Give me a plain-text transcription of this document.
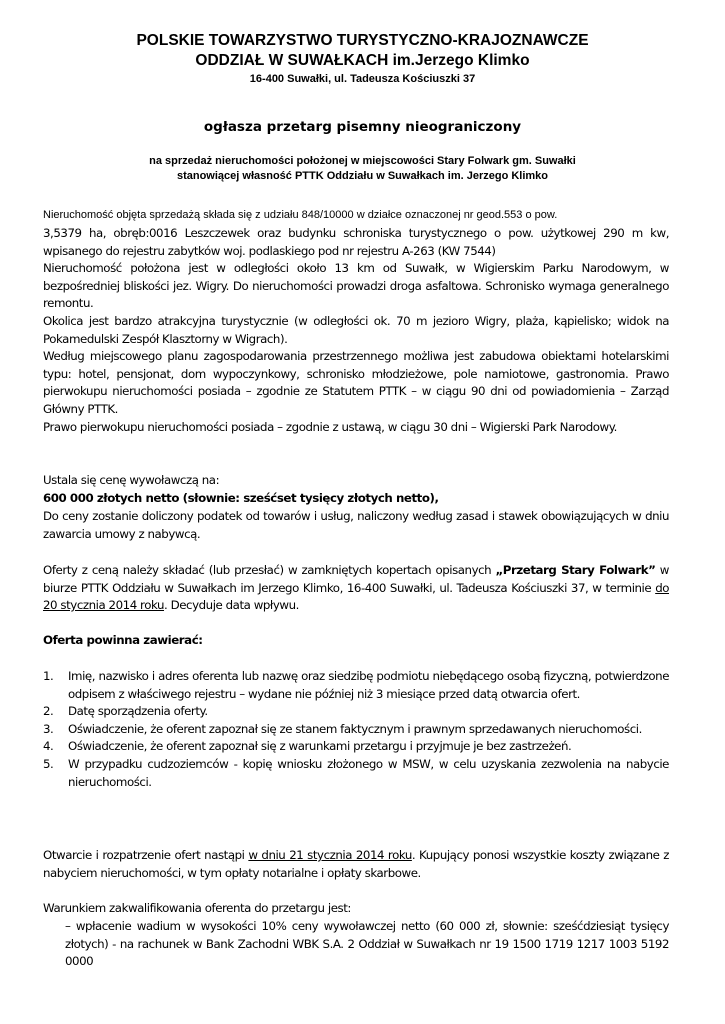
POLSKIE TOWARZYSTWO TURYSTYCZNO-KRAJOZNAWCZE
ODDZIAŁ W SUWAŁKACH im.Jerzego Klimko
16-400 Suwałki, ul. Tadeusza Kościuszki 37
ogłasza przetarg pisemny nieograniczony
na sprzedaż nieruchomości położonej w miejscowości Stary Folwark gm. Suwałki
stanowiącej własność PTTK Oddziału w Suwałkach im. Jerzego Klimko
Nieruchomość objęta sprzedażą składa się z udziału 848/10000 w działce oznaczonej nr geod.553 o pow.
3,5379 ha, obręb:0016 Leszczewek oraz budynku schroniska turystycznego o pow. użytkowej 290 m kw, wpisanego do rejestru zabytków woj. podlaskiego pod nr rejestru A-263 (KW 7544)
Nieruchomość położona jest w odległości około 13 km od Suwałk, w Wigierskim Parku Narodowym, w bezpośredniej bliskości jez. Wigry. Do nieruchomości prowadzi droga asfaltowa. Schronisko wymaga generalnego remontu.
Okolica jest bardzo atrakcyjna turystycznie (w odległości ok. 70 m jezioro Wigry, plaża, kąpielisko; widok na Pokamedulski Zespół Klasztorny w Wigrach).
Według miejscowego planu zagospodarowania przestrzennego możliwa jest zabudowa obiektami hotelarskimi typu: hotel, pensjonat, dom wypoczynkowy, schronisko młodzieżowe, pole namiotowe, gastronomia. Prawo pierwokupu nieruchomości posiada – zgodnie ze Statutem PTTK – w ciągu 90 dni od powiadomienia – Zarząd Główny PTTK.
Prawo pierwokupu nieruchomości posiada – zgodnie z ustawą, w ciągu 30 dni – Wigierski Park Narodowy.
Ustala się cenę wywoławczą na:
600 000 złotych netto (słownie: sześćset tysięcy złotych netto),
Do ceny zostanie doliczony podatek od towarów i usług, naliczony według zasad i stawek obowiązujących w dniu zawarcia umowy z nabywcą.
Oferty z ceną należy składać (lub przesłać) w zamkniętych kopertach opisanych „Przetarg Stary Folwark” w biurze PTTK Oddziału w Suwałkach im Jerzego Klimko, 16-400 Suwałki, ul. Tadeusza Kościuszki 37, w terminie do 20 stycznia 2014 roku. Decyduje data wpływu.
Oferta powinna zawierać:
1. Imię, nazwisko i adres oferenta lub nazwę oraz siedzibę podmiotu niebędącego osobą fizyczną, potwierdzone odpisem z właściwego rejestru – wydane nie później niż 3 miesiące przed datą otwarcia ofert.
2. Datę sporządzenia oferty.
3. Oświadczenie, że oferent zapoznał się ze stanem faktycznym i prawnym sprzedawanych nieruchomości.
4. Oświadczenie, że oferent zapoznał się z warunkami przetargu i przyjmuje je bez zastrzeżeń.
5. W przypadku cudzoziemców - kopię wniosku złożonego w MSW, w celu uzyskania zezwolenia na nabycie nieruchomości.
Otwarcie i rozpatrzenie ofert nastąpi w dniu 21 stycznia 2014 roku. Kupujący ponosi wszystkie koszty związane z nabyciem nieruchomości, w tym opłaty notarialne i opłaty skarbowe.
Warunkiem zakwalifikowania oferenta do przetargu jest:
– wpłacenie wadium w wysokości 10% ceny wywoławczej netto (60 000 zł, słownie: sześćdziesiąt tysięcy złotych) - na rachunek w Bank Zachodni WBK S.A. 2 Oddział w Suwałkach nr 19 1500 1719 1217 1003 5192 0000
